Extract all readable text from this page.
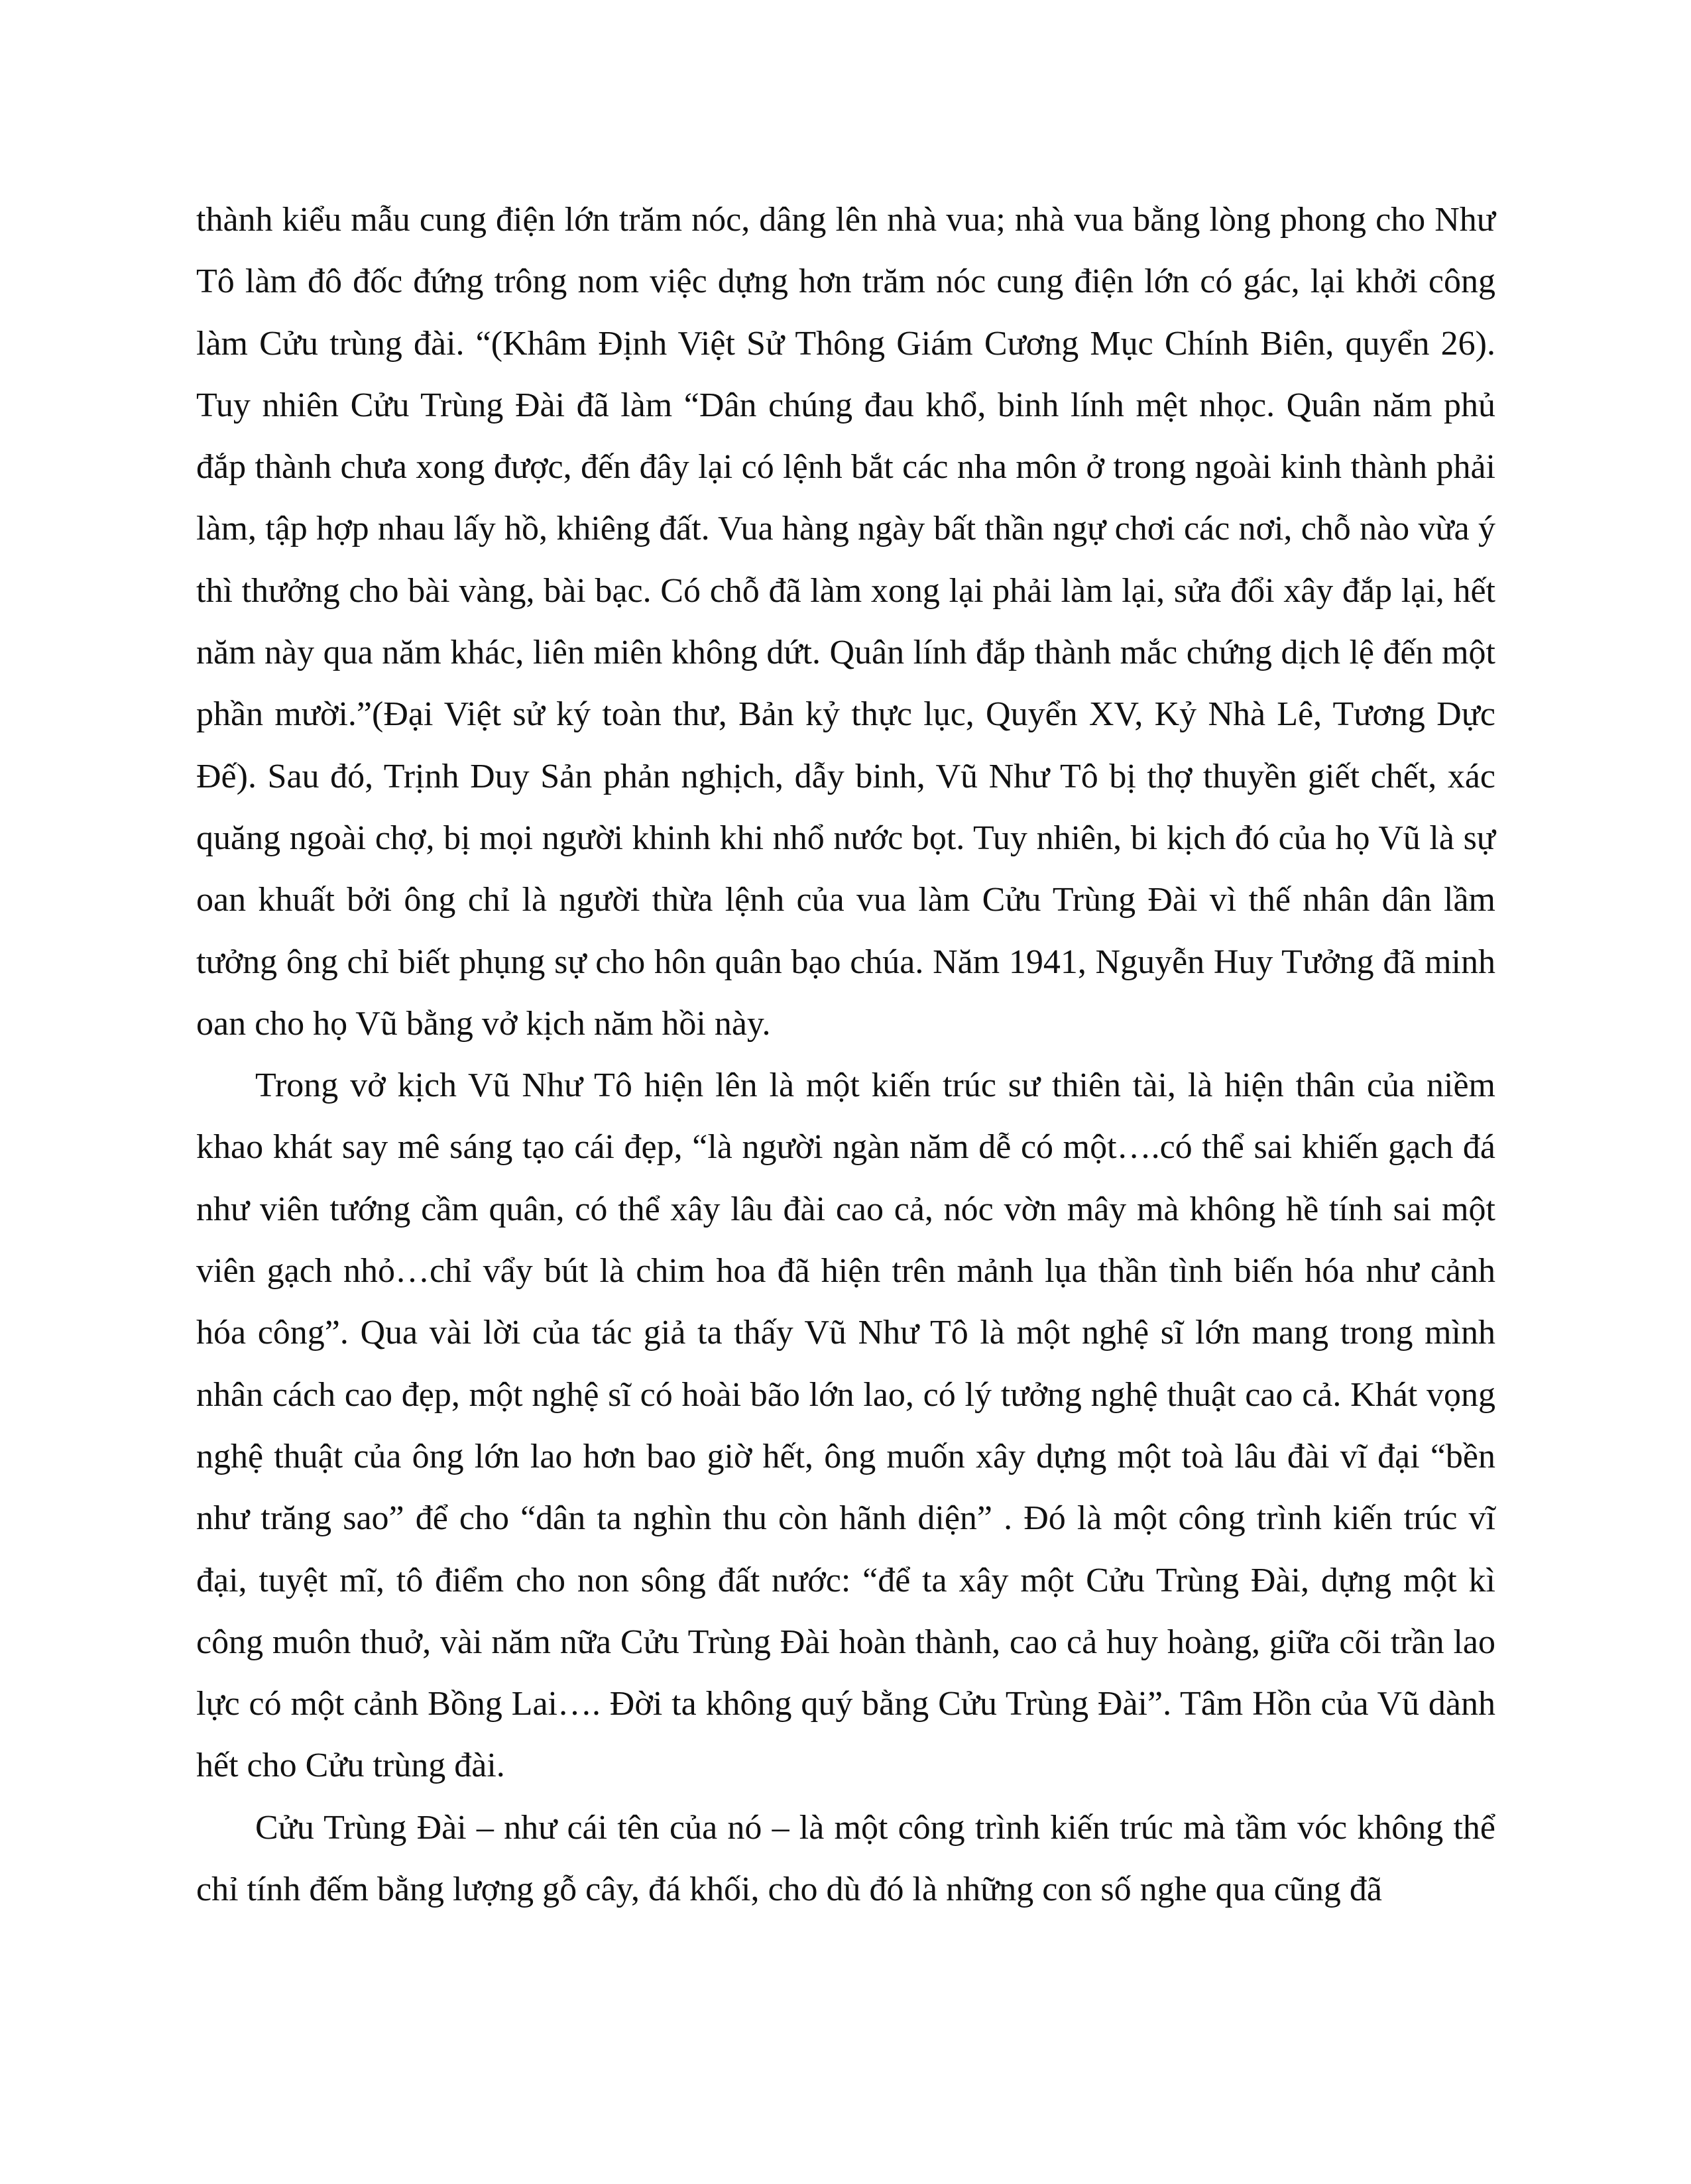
thành kiểu mẫu cung điện lớn trăm nóc, dâng lên nhà vua; nhà vua bằng lòng phong cho Như Tô làm đô đốc đứng trông nom việc dựng hơn trăm nóc cung điện lớn có gác, lại khởi công làm Cửu trùng đài. “(Khâm Định Việt Sử Thông Giám Cương Mục Chính Biên, quyển 26). Tuy nhiên Cửu Trùng Đài đã làm “Dân chúng đau khổ, binh lính mệt nhọc. Quân năm phủ đắp thành chưa xong được, đến đây lại có lệnh bắt các nha môn ở trong ngoài kinh thành phải làm, tập hợp nhau lấy hồ, khiêng đất. Vua hàng ngày bất thần ngự chơi các nơi, chỗ nào vừa ý thì thưởng cho bài vàng, bài bạc. Có chỗ đã làm xong lại phải làm lại, sửa đổi xây đắp lại, hết năm này qua năm khác, liên miên không dứt. Quân lính đắp thành mắc chứng dịch lệ đến một phần mười.”(Đại Việt sử ký toàn thư, Bản kỷ thực lục, Quyển XV, Kỷ Nhà Lê, Tương Dực Đế). Sau đó, Trịnh Duy Sản phản nghịch, dẫy binh, Vũ Như Tô bị thợ thuyền giết chết, xác quăng ngoài chợ, bị mọi người khinh khi nhổ nước bọt. Tuy nhiên, bi kịch đó của họ Vũ là sự oan khuất bởi ông chỉ là người thừa lệnh của vua làm Cửu Trùng Đài vì thế nhân dân lầm tưởng ông chỉ biết phụng sự cho hôn quân bạo chúa. Năm 1941, Nguyễn Huy Tưởng đã minh oan cho họ Vũ bằng vở kịch năm hồi này.

Trong vở kịch Vũ Như Tô hiện lên là một kiến trúc sư thiên tài, là hiện thân của niềm khao khát say mê sáng tạo cái đẹp, “là người ngàn năm dễ có một….có thể sai khiến gạch đá như viên tướng cầm quân, có thể xây lâu đài cao cả, nóc vờn mây mà không hề tính sai một viên gạch nhỏ…chỉ vẩy bút là chim hoa đã hiện trên mảnh lụa thần tình biến hóa như cảnh hóa công”. Qua vài lời của tác giả ta thấy Vũ Như Tô là một nghệ sĩ lớn mang trong mình nhân cách cao đẹp, một nghệ sĩ có hoài bão lớn lao, có lý tưởng nghệ thuật cao cả. Khát vọng nghệ thuật của ông lớn lao hơn bao giờ hết, ông muốn xây dựng một toà lâu đài vĩ đại “bền như trăng sao” để cho “dân ta nghìn thu còn hãnh diện” . Đó là một công trình kiến trúc vĩ đại, tuyệt mĩ, tô điểm cho non sông đất nước: “để ta xây một Cửu Trùng Đài, dựng một kì công muôn thuở, vài năm nữa Cửu Trùng Đài hoàn thành, cao cả huy hoàng, giữa cõi trần lao lực có một cảnh Bồng Lai…. Đời ta không quý bằng Cửu Trùng Đài”. Tâm Hồn của Vũ dành hết cho Cửu trùng đài.

Cửu Trùng Đài – như cái tên của nó – là một công trình kiến trúc mà tầm vóc không thể chỉ tính đếm bằng lượng gỗ cây, đá khối, cho dù đó là những con số nghe qua cũng đã
